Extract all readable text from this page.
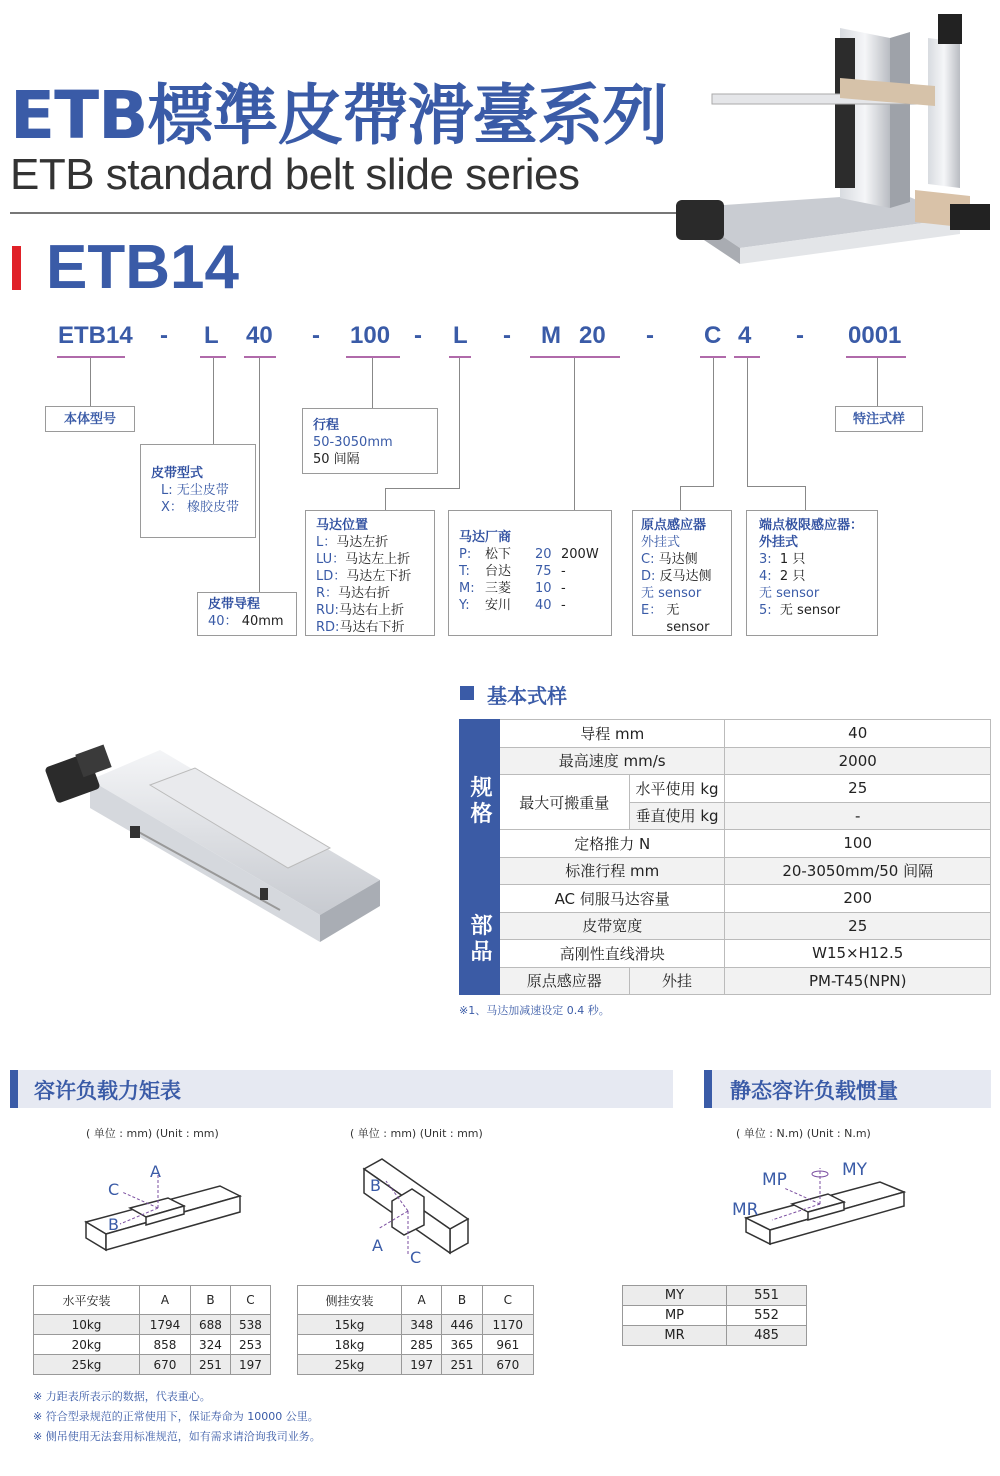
ETB標準皮帶滑臺系列
ETB standard belt slide series
ETB14
ETB14 - L 40 - 100 - L - M 20 - C 4 - 0001
本体型号	特注式样
皮带型式
L:
无尘皮带
X：
橡胶皮带
行程
50-3050mm
50 间隔
皮带导程
40：
40mm
马达位置
L： 马达左折
LU： 马达左上折
LD： 马达左下折
R： 马达右折
RU: 马达右上折
RD: 马达右下折
马达厂商
P:	松下	20 200W
T:	台达	75 -
M: 三菱	10 -
Y:	安川	40 -
原点感应器
外挂式
C:
马达侧
D:
反马达侧
无 sensor
E：
无 sensor
端点极限感应器：
外挂式
3:
1 只
4:
2 只
无 sensor
5:
无 sensor
基本式样
规格	导程 mm		40
	最高速度 mm/s		2000
	最大可搬重量	水平使用 kg	25
		垂直使用 kg	-
	定格推力 N		100
	标准行程 mm		20-3050mm/50 间隔

部品	AC 伺服马达容量		200
	皮带宽度		25
	高刚性直线滑块		W15×H12.5
	原点感应器	外挂	PM-T45(NPN)
※1、马达加减速设定 0.4 秒。
容许负载力矩表	静态容许负载惯量
( 单位 : mm) (Unit : mm)	( 单位 : mm) (Unit : mm)	( 单位 : N.m) (Unit : N.m)
A
C
B
B
A
C
MY
MP
MR
水平安装	A	B	C
10kg	1794	688	538
20kg	858	324	253
25kg	670	251	197
侧挂安装	A	B	C
15kg	348	446	1170
18kg	285	365	961
25kg	197	251	670
MY	551
MP	552
MR	485
※ 力距表所表示的数据，代表重心。
※ 符合型录规范的正常使用下，保证寿命为 10000 公里。
※ 侧吊使用无法套用标准规范，如有需求请洽询我司业务。
